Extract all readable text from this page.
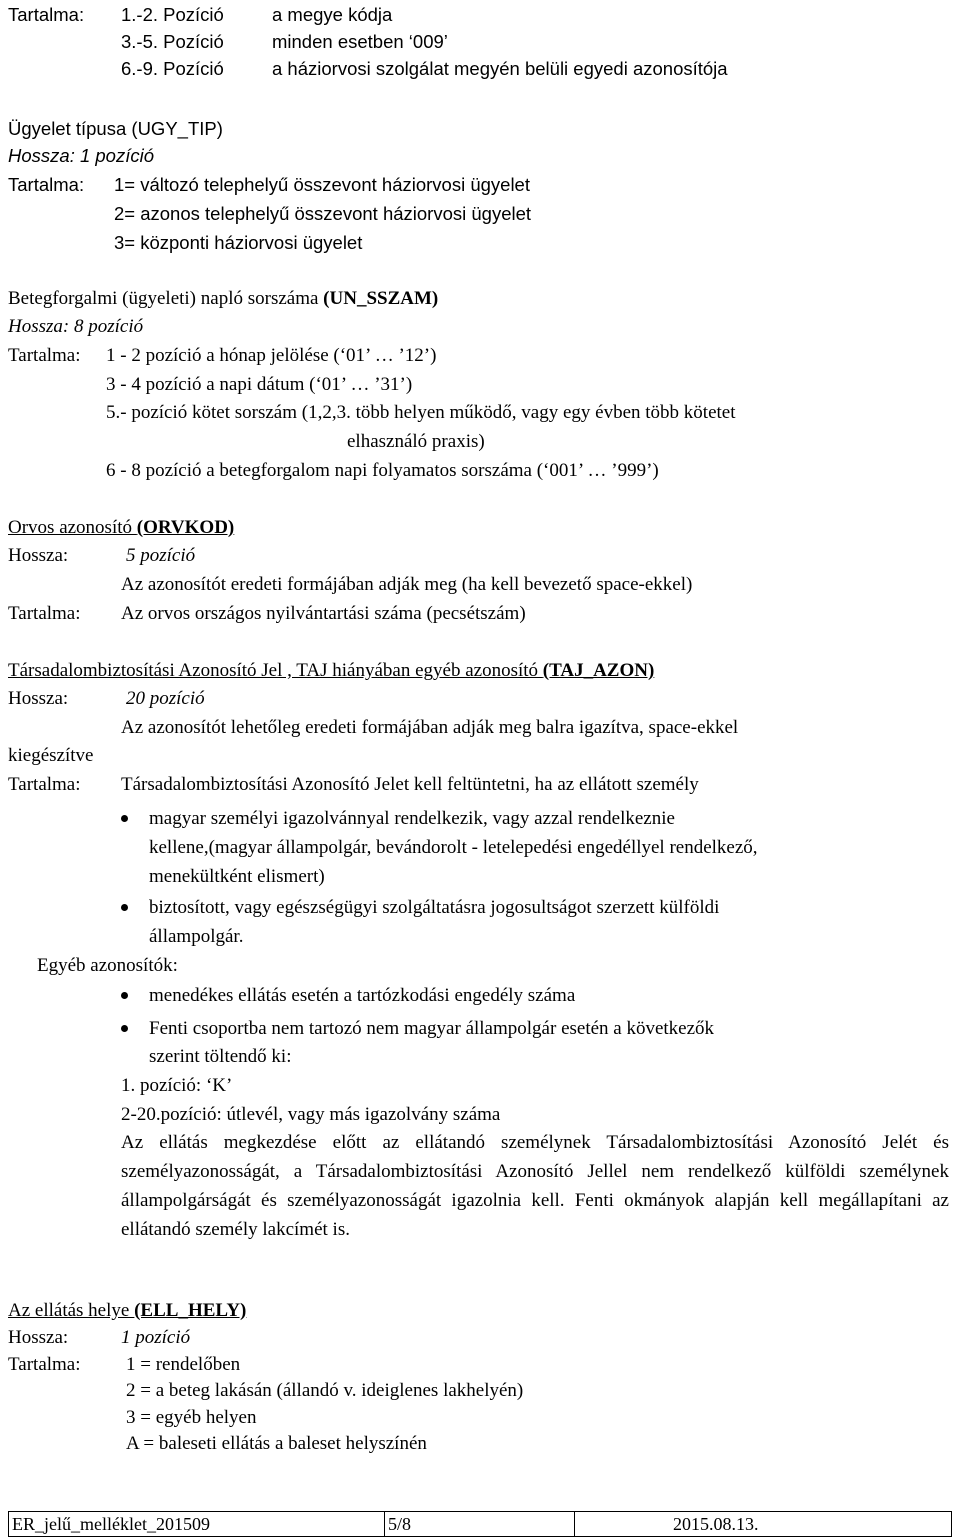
Tartalma: 1.-2. Pozíció	a megye kódja
3.-5. Pozíció	minden esetben ‘009’
6.-9. Pozíció	a háziorvosi szolgálat megyén belüli egyedi azonosítója
Ügyelet típusa (UGY_TIP)
Hossza: 1 pozíció
Tartalma: 1= változó telephelyű összevont háziorvosi ügyelet
2= azonos telephelyű összevont háziorvosi ügyelet
3= központi háziorvosi ügyelet
Betegforgalmi (ügyeleti) napló sorszáma (UN_SSZAM)
Hossza: 8 pozíció
Tartalma: 1 - 2 pozíció a hónap jelölése (‘01’ … ’12’)
3 - 4 pozíció a napi dátum (‘01’ … ’31’)
5.- pozíció kötet sorszám (1,2,3. több helyen működő, vagy egy évben több kötetet
elhasználó praxis)
6 - 8 pozíció a betegforgalom napi folyamatos sorszáma (‘001’ … ’999’)
Orvos azonosító (ORVKOD)
Hossza:	5 pozíció
Az azonosítót eredeti formájában adják meg (ha kell bevezető space-ekkel)
Tartalma: Az orvos országos nyilvántartási száma (pecsétszám)
Társadalombiztosítási Azonosító Jel , TAJ hiányában egyéb azonosító (TAJ_AZON)
Hossza:	20 pozíció
Az azonosítót lehetőleg eredeti formájában adják meg balra igazítva, space-ekkel
kiegészítve
Tartalma: Társadalombiztosítási Azonosító Jelet kell feltüntetni, ha az ellátott személy
magyar személyi igazolvánnyal rendelkezik, vagy azzal rendelkeznie
kellene,(magyar állampolgár, bevándorolt - letelepedési engedéllyel rendelkező,
menekültként elismert)
biztosított, vagy egészségügyi szolgáltatásra jogosultságot szerzett külföldi
állampolgár.
Egyéb azonosítók:
menedékes ellátás esetén a tartózkodási engedély száma
Fenti csoportba nem tartozó nem magyar állampolgár esetén a következők
szerint töltendő ki:
1. pozíció: ‘K’
2-20.pozíció: útlevél, vagy más igazolvány száma
Az ellátás megkezdése előtt az ellátandó személynek Társadalombiztosítási Azonosító Jelét és személyazonosságát, a Társadalombiztosítási Azonosító Jellel nem rendelkező külföldi személynek állampolgárságát és személyazonosságát igazolnia kell. Fenti okmányok alapján kell megállapítani az ellátandó személy lakcímét is.
Az ellátás helye (ELL_HELY)
Hossza:	1 pozíció
Tartalma: 1 = rendelőben
2 = a beteg lakásán (állandó v. ideiglenes lakhelyén)
3 = egyéb helyen
A = baleseti ellátás a baleset helyszínén
ER_jelű_melléklet_201509	5/8	2015.08.13.
